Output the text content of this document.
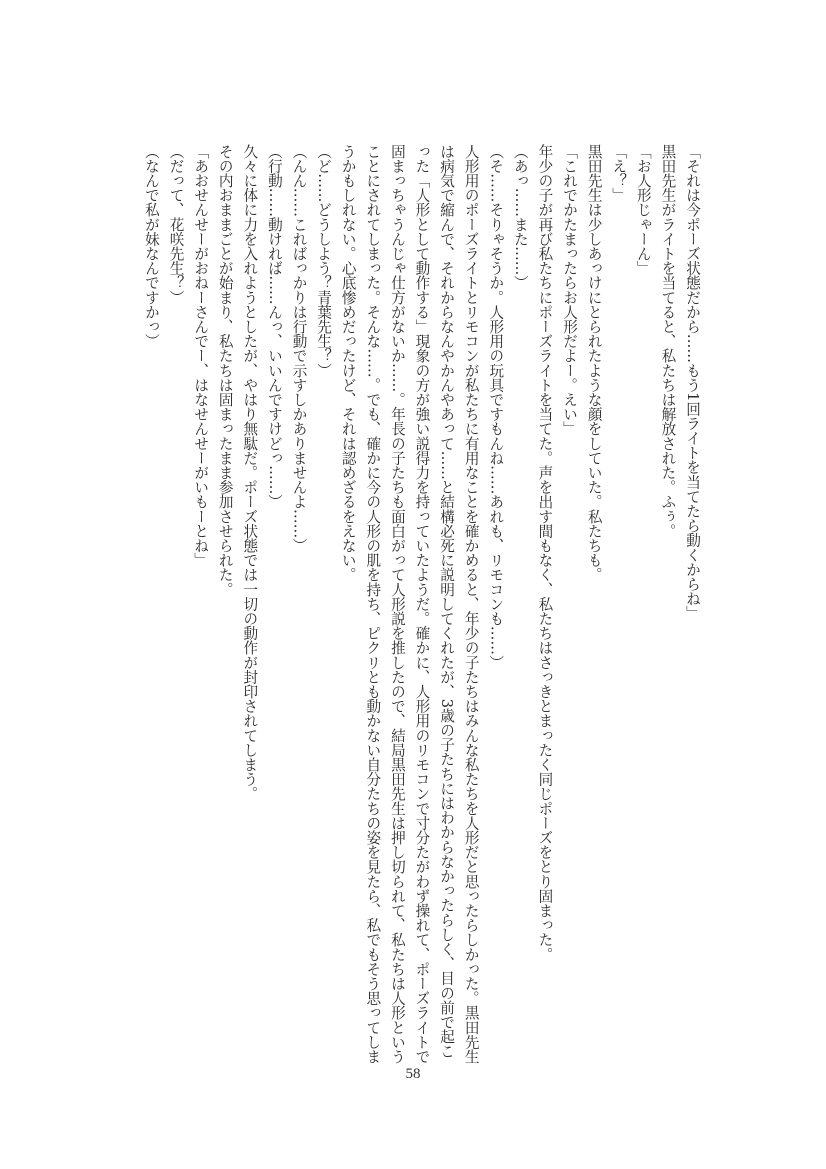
「それは今ポーズ状態だから……もう1回ライトを当てたら動くからね」
黒田先生がライトを当てると、私たちは解放された。ふぅ。
「お人形じゃーん」
「え？」
黒田先生は少しあっけにとられたような顔をしていた。私たちも。
「これでかたまったらお人形だよー。えい」
年少の子が再び私たちにポーズライトを当てた。声を出す間もなく、私たちはさっきとまったく同じポーズをとり固まった。
（あっ……また……）
（そ……そりゃそうか。人形用の玩具ですもんね……あれも、リモコンも……）
人形用のポーズライトとリモコンが私たちに有用なことを確かめると、年少の子たちはみんな私たちを人形だと思ったらしかった。黒田先生
は病気で縮んで、それからなんやかんやあって……と結構必死に説明してくれたが、3歳の子たちにはわからなかったらしく、目の前で起こ
った「人形として動作する」現象の方が強い説得力を持っていたようだ。確かに、人形用のリモコンで寸分たがわず操れて、ポーズライトで
固まっちゃうんじゃ仕方がないか……。年長の子たちも面白がって人形説を推したので、結局黒田先生は押し切られて、私たちは人形という
ことにされてしまった。そんな……。でも、確かに今の人形の肌を持ち、ピクリとも動かない自分たちの姿を見たら、私でもそう思ってしま
うかもしれない。心底惨めだったけど、それは認めざるをえない。
（ど……どうしよう？青葉先生？）
（んん……こればっかりは行動で示すしかありませんよ……）
（行動……動ければ……んっ、いいんですけどっ……）
久々に体に力を入れようとしたが、やはり無駄だ。ポーズ状態では一切の動作が封印されてしまう。
その内おままごとが始まり、私たちは固まったまま参加させられた。
「あおせんせーがおねーさんでー、はなせんせーがいもーとね」
（だって、花咲先生？）
（なんで私が妹なんですかっ）
58
